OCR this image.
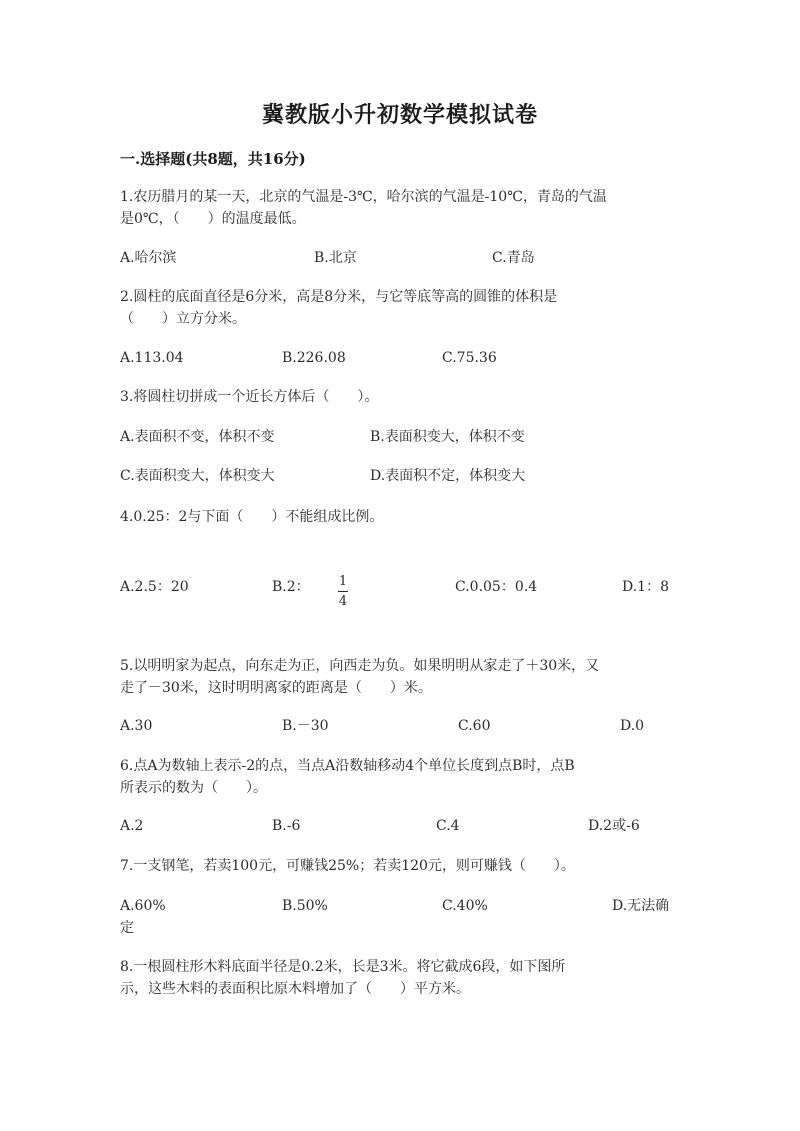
冀教版小升初数学模拟试卷
一.选择题(共8题，共16分)
1.农历腊月的某一天，北京的气温是-3℃，哈尔滨的气温是-10℃，青岛的气温
是0℃，（　　）的温度最低。
A.哈尔滨	B.北京	C.青岛
2.圆柱的底面直径是6分米，高是8分米，与它等底等高的圆锥的体积是
（　　）立方分米。
A.113.04	B.226.08	C.75.36
3.将圆柱切拼成一个近长方体后（　　）。
A.表面积不变，体积不变	B.表面积变大，体积不变
C.表面积变大，体积变大	D.表面积不定，体积变大
4.0.25：2与下面（　　）不能组成比例。
A.2.5：20	B.2： $\frac{1}{4}$	C.0.05：0.4	D.1：8
5.以明明家为起点，向东走为正，向西走为负。如果明明从家走了＋30米，又
走了－30米，这时明明离家的距离是（　　）米。
A.30	B.－30	C.60	D.0
6.点A为数轴上表示-2的点，当点A沿数轴移动4个单位长度到点B时，点B
所表示的数为（　　）。
A.2	B.-6	C.4	D.2或-6
7.一支钢笔，若卖100元，可赚钱25%；若卖120元，则可赚钱（　　）。
A.60%	B.50%	C.40%	D.无法确
定
8.一根圆柱形木料底面半径是0.2米，长是3米。将它截成6段，如下图所
示，这些木料的表面积比原木料增加了（　　）平方米。
